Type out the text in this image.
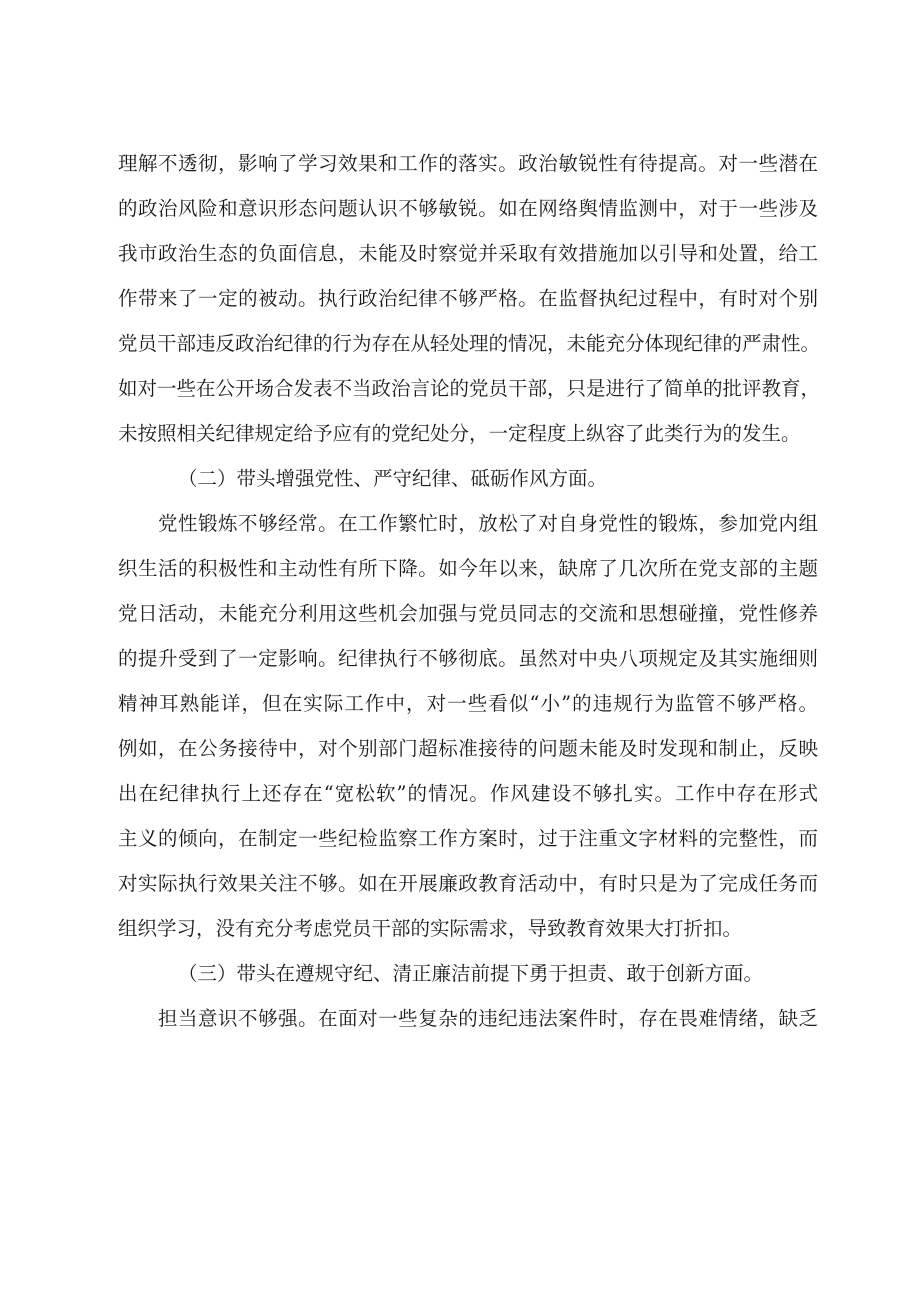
理解不透彻，影响了学习效果和工作的落实。政治敏锐性有待提高。对一些潜在

的政治风险和意识形态问题认识不够敏锐。如在网络舆情监测中，对于一些涉及

我市政治生态的负面信息，未能及时察觉并采取有效措施加以引导和处置，给工

作带来了一定的被动。执行政治纪律不够严格。在监督执纪过程中，有时对个别

党员干部违反政治纪律的行为存在从轻处理的情况，未能充分体现纪律的严肃性。

如对一些在公开场合发表不当政治言论的党员干部，只是进行了简单的批评教育，

未按照相关纪律规定给予应有的党纪处分，一定程度上纵容了此类行为的发生。

（二）带头增强党性、严守纪律、砥砺作风方面。

党性锻炼不够经常。在工作繁忙时，放松了对自身党性的锻炼，参加党内组

织生活的积极性和主动性有所下降。如今年以来，缺席了几次所在党支部的主题

党日活动，未能充分利用这些机会加强与党员同志的交流和思想碰撞，党性修养

的提升受到了一定影响。纪律执行不够彻底。虽然对中央八项规定及其实施细则

精神耳熟能详，但在实际工作中，对一些看似“小”的违规行为监管不够严格。

例如，在公务接待中，对个别部门超标准接待的问题未能及时发现和制止，反映

出在纪律执行上还存在“宽松软”的情况。作风建设不够扎实。工作中存在形式

主义的倾向，在制定一些纪检监察工作方案时，过于注重文字材料的完整性，而

对实际执行效果关注不够。如在开展廉政教育活动中，有时只是为了完成任务而

组织学习，没有充分考虑党员干部的实际需求，导致教育效果大打折扣。

（三）带头在遵规守纪、清正廉洁前提下勇于担责、敢于创新方面。

担当意识不够强。在面对一些复杂的违纪违法案件时，存在畏难情绪，缺乏
